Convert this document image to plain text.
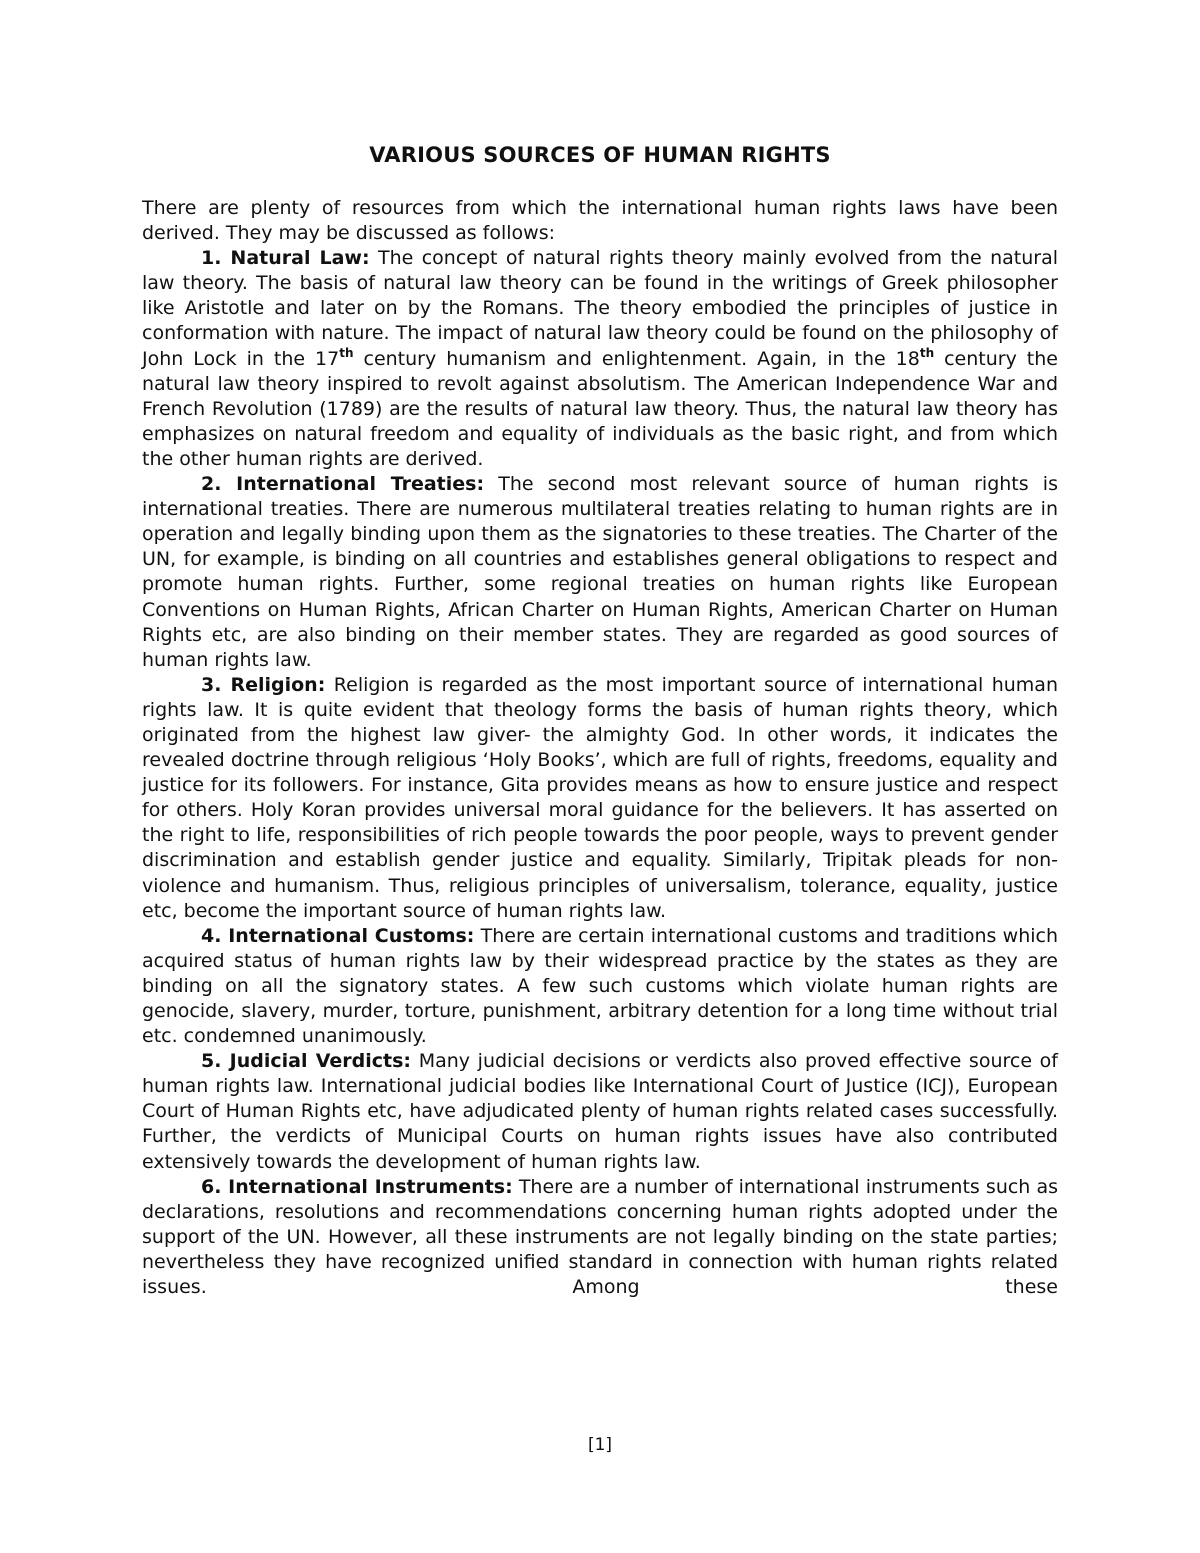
VARIOUS SOURCES OF HUMAN RIGHTS

There are plenty of resources from which the international human rights laws have been derived. They may be discussed as follows:

1. Natural Law: The concept of natural rights theory mainly evolved from the natural law theory. The basis of natural law theory can be found in the writings of Greek philosopher like Aristotle and later on by the Romans. The theory embodied the principles of justice in conformation with nature. The impact of natural law theory could be found on the philosophy of John Lock in the 17th century humanism and enlightenment. Again, in the 18th century the natural law theory inspired to revolt against absolutism. The American Independence War and French Revolution (1789) are the results of natural law theory. Thus, the natural law theory has emphasizes on natural freedom and equality of individuals as the basic right, and from which the other human rights are derived.

2. International Treaties: The second most relevant source of human rights is international treaties. There are numerous multilateral treaties relating to human rights are in operation and legally binding upon them as the signatories to these treaties. The Charter of the UN, for example, is binding on all countries and establishes general obligations to respect and promote human rights. Further, some regional treaties on human rights like European Conventions on Human Rights, African Charter on Human Rights, American Charter on Human Rights etc, are also binding on their member states. They are regarded as good sources of human rights law.

3. Religion: Religion is regarded as the most important source of international human rights law. It is quite evident that theology forms the basis of human rights theory, which originated from the highest law giver- the almighty God. In other words, it indicates the revealed doctrine through religious ‘Holy Books’, which are full of rights, freedoms, equality and justice for its followers. For instance, Gita provides means as how to ensure justice and respect for others. Holy Koran provides universal moral guidance for the believers. It has asserted on the right to life, responsibilities of rich people towards the poor people, ways to prevent gender discrimination and establish gender justice and equality. Similarly, Tripitak pleads for non-violence and humanism. Thus, religious principles of universalism, tolerance, equality, justice etc, become the important source of human rights law.

4. International Customs: There are certain international customs and traditions which acquired status of human rights law by their widespread practice by the states as they are binding on all the signatory states. A few such customs which violate human rights are genocide, slavery, murder, torture, punishment, arbitrary detention for a long time without trial etc. condemned unanimously.

5. Judicial Verdicts: Many judicial decisions or verdicts also proved effective source of human rights law. International judicial bodies like International Court of Justice (ICJ), European Court of Human Rights etc, have adjudicated plenty of human rights related cases successfully. Further, the verdicts of Municipal Courts on human rights issues have also contributed extensively towards the development of human rights law.

6. International Instruments: There are a number of international instruments such as declarations, resolutions and recommendations concerning human rights adopted under the support of the UN. However, all these instruments are not legally binding on the state parties; nevertheless they have recognized unified standard in connection with human rights related issues. Among these

[1]
